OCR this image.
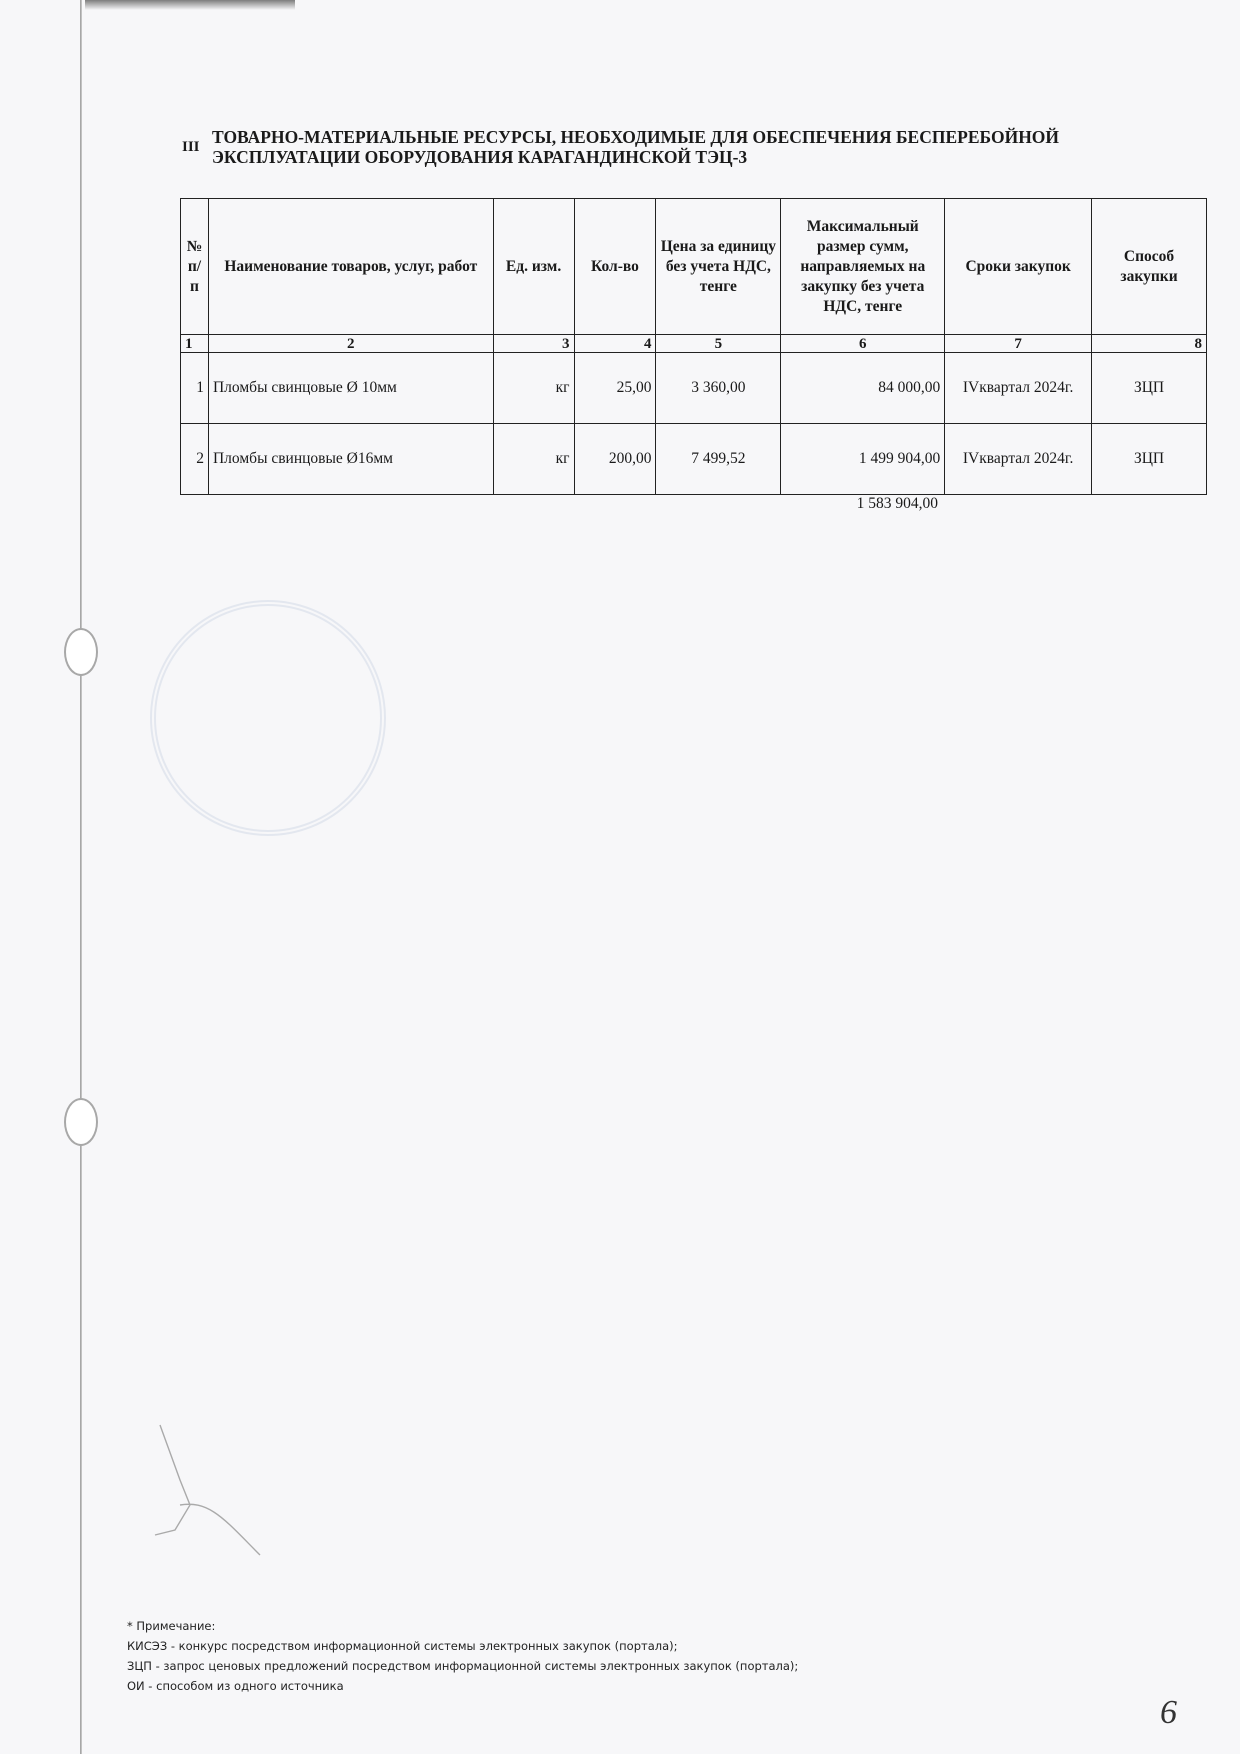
III ТОВАРНО-МАТЕРИАЛЬНЫЕ РЕСУРСЫ, НЕОБХОДИМЫЕ ДЛЯ ОБЕСПЕЧЕНИЯ БЕСПЕРЕБОЙНОЙ
ЭКСПЛУАТАЦИИ ОБОРУДОВАНИЯ КАРАГАНДИНСКОЙ ТЭЦ-3
№ п/п	Наименование товаров, услуг, работ	Ед. изм.	Кол-во	Цена за единицу без учета НДС, тенге	Максимальный размер сумм, направляемых на закупку без учета НДС, тенге	Сроки закупок	Способ закупки
1	2	3	4	5	6	7	8
1	Пломбы свинцовые Ø 10мм	кг	25,00	3 360,00	84 000,00	IVквартал 2024г.	ЗЦП
2	Пломбы свинцовые Ø16мм	кг	200,00	7 499,52	1 499 904,00	IVквартал 2024г.	ЗЦП
1 583 904,00
6
* Примечание:
КИСЭЗ - конкурс посредством информационной системы электронных закупок (портала);
ЗЦП - запрос ценовых предложений посредством информационной системы электронных закупок (портала);
ОИ - способом из одного источника
